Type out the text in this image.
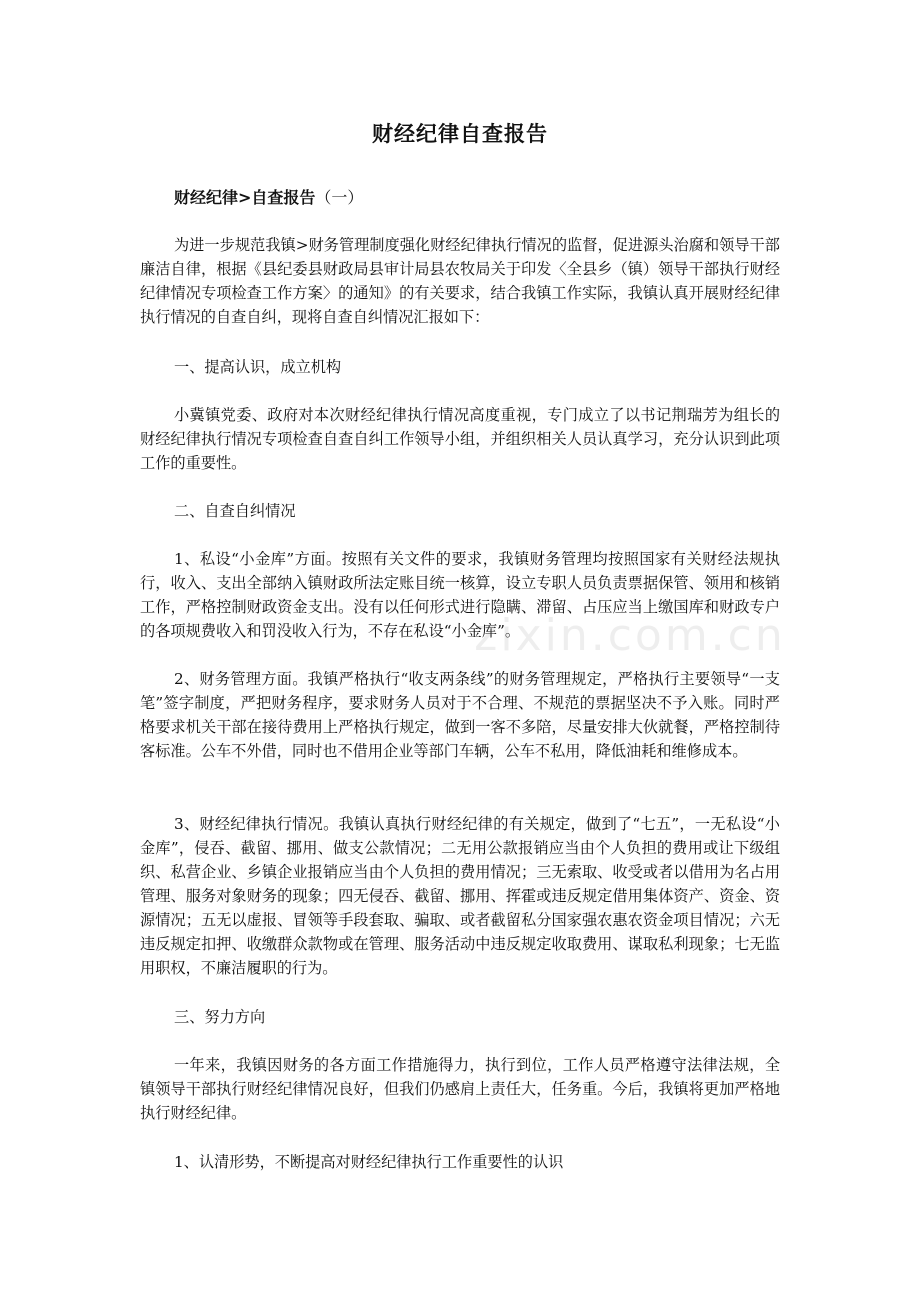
财经纪律自查报告
财经纪律>自查报告（一）

为进一步规范我镇>财务管理制度强化财经纪律执行情况的监督，促进源头治腐和领导干部廉洁自律，根据《县纪委县财政局县审计局县农牧局关于印发〈全县乡（镇）领导干部执行财经纪律情况专项检查工作方案〉的通知》的有关要求，结合我镇工作实际，我镇认真开展财经纪律执行情况的自查自纠，现将自查自纠情况汇报如下：

一、提高认识，成立机构

小冀镇党委、政府对本次财经纪律执行情况高度重视，专门成立了以书记荆瑞芳为组长的财经纪律执行情况专项检查自查自纠工作领导小组，并组织相关人员认真学习，充分认识到此项工作的重要性。

二、自查自纠情况

1、私设“小金库”方面。按照有关文件的要求，我镇财务管理均按照国家有关财经法规执行，收入、支出全部纳入镇财政所法定账目统一核算，设立专职人员负责票据保管、领用和核销工作，严格控制财政资金支出。没有以任何形式进行隐瞒、滞留、占压应当上缴国库和财政专户的各项规费收入和罚没收入行为，不存在私设“小金库”。

2、财务管理方面。我镇严格执行“收支两条线”的财务管理规定，严格执行主要领导“一支笔”签字制度，严把财务程序，要求财务人员对于不合理、不规范的票据坚决不予入账。同时严格要求机关干部在接待费用上严格执行规定，做到一客不多陪，尽量安排大伙就餐，严格控制待客标准。公车不外借，同时也不借用企业等部门车辆，公车不私用，降低油耗和维修成本。

3、财经纪律执行情况。我镇认真执行财经纪律的有关规定，做到了“七五”，一无私设“小金库”，侵吞、截留、挪用、做支公款情况；二无用公款报销应当由个人负担的费用或让下级组织、私营企业、乡镇企业报销应当由个人负担的费用情况；三无索取、收受或者以借用为名占用管理、服务对象财务的现象；四无侵吞、截留、挪用、挥霍或违反规定借用集体资产、资金、资源情况；五无以虚报、冒领等手段套取、骗取、或者截留私分国家强农惠农资金项目情况；六无违反规定扣押、收缴群众款物或在管理、服务活动中违反规定收取费用、谋取私利现象；七无监用职权，不廉洁履职的行为。

三、努力方向

一年来，我镇因财务的各方面工作措施得力，执行到位，工作人员严格遵守法律法规，全镇领导干部执行财经纪律情况良好，但我们仍感肩上责任大，任务重。今后，我镇将更加严格地执行财经纪律。

1、认清形势，不断提高对财经纪律执行工作重要性的认识

zixin.com.cn
